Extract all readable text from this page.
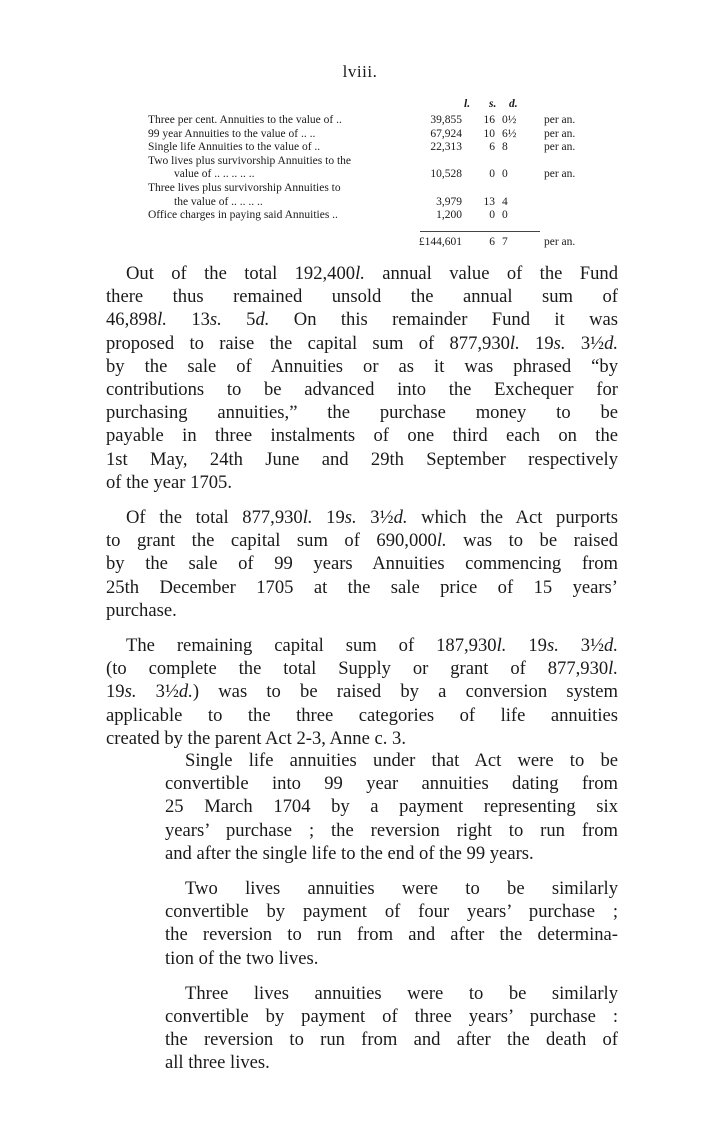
lviii.
l. s. d.
Three per cent. Annuities to the value of ..	39,855	16 0½ per an.
99 year Annuities to the value of .. ..	67,924	10 6½ per an.
Single life Annuities to the value of ..	22,313	6 8	per an.
Two lives plus survivorship Annuities to the
value of .. .. .. .. ..	10,528	0 0	per an.
Three lives plus survivorship Annuities to
the value of .. .. .. ..	3,979	13 4
Office charges in paying said Annuities ..	1,200	0 0
£144,601	6 7	per an.

Out of the total 192,400l. annual value of the Fund
there thus remained unsold the annual sum of
46,898l. 13s. 5d. On this remainder Fund it was
proposed to raise the capital sum of 877,930l. 19s. 3½d.
by the sale of Annuities or as it was phrased “by
contributions to be advanced into the Exchequer for
purchasing annuities,” the purchase money to be
payable in three instalments of one third each on the
1st May, 24th June and 29th September respectively
of the year 1705.

Of the total 877,930l. 19s. 3½d. which the Act purports
to grant the capital sum of 690,000l. was to be raised
by the sale of 99 years Annuities commencing from
25th December 1705 at the sale price of 15 years’
purchase.

The remaining capital sum of 187,930l. 19s. 3½d.
(to complete the total Supply or grant of 877,930l.
19s. 3½d.) was to be raised by a conversion system
applicable to the three categories of life annuities
created by the parent Act 2-3, Anne c. 3.

Single life annuities under that Act were to be
convertible into 99 year annuities dating from
25 March 1704 by a payment representing six
years’ purchase ; the reversion right to run from
and after the single life to the end of the 99 years.

Two lives annuities were to be similarly
convertible by payment of four years’ purchase ;
the reversion to run from and after the determina-
tion of the two lives.

Three lives annuities were to be similarly
convertible by payment of three years’ purchase :
the reversion to run from and after the death of
all three lives.
